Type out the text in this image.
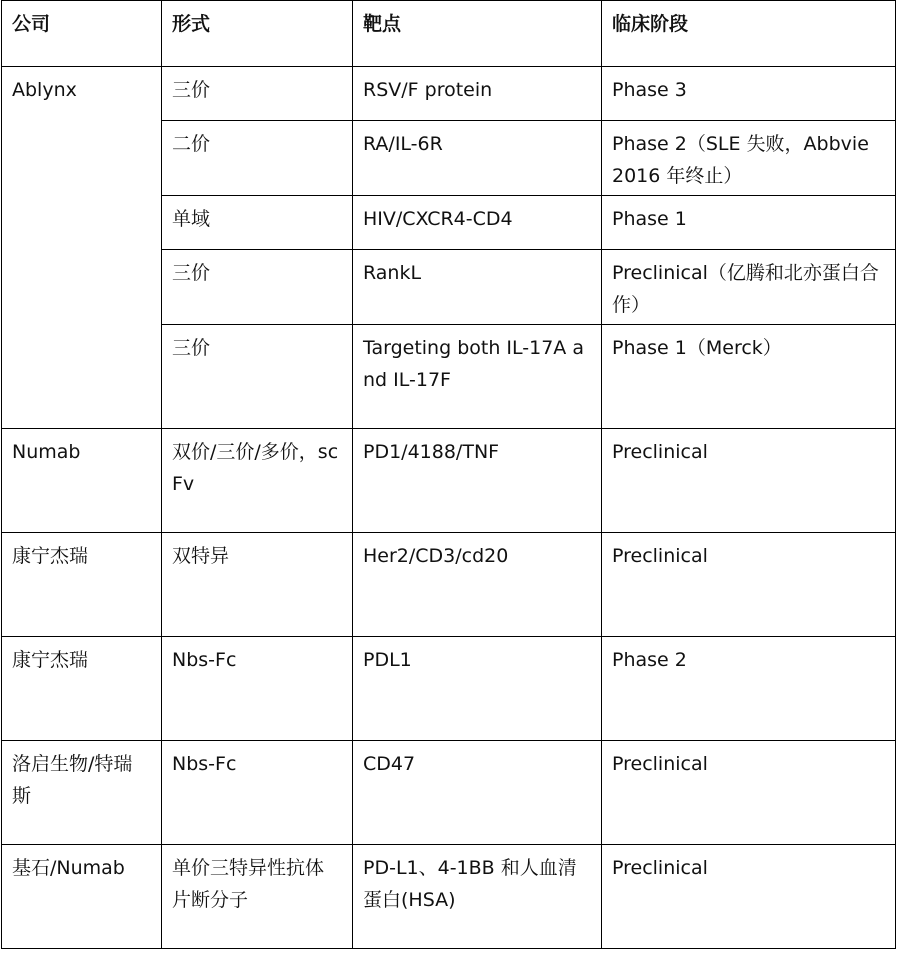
公司	形式	靶点	临床阶段
Ablynx	三价	RSV/F protein	Phase 3
	二价	RA/IL-6R	Phase 2（SLE 失败，Abbvie 2016 年终止）
	单域	HIV/CXCR4-CD4	Phase 1
	三价	RankL	Preclinical（亿腾和北亦蛋白合作）
	三价	Targeting both IL-17A and IL-17F	Phase 1（Merck）
Numab	双价/三价/多价，scFv	PD1/4188/TNF	Preclinical
康宁杰瑞	双特异	Her2/CD3/cd20	Preclinical
康宁杰瑞	Nbs-Fc	PDL1	Phase 2
洛启生物/特瑞斯	Nbs-Fc	CD47	Preclinical
基石/Numab	单价三特异性抗体片断分子	PD-L1、4-1BB 和人血清蛋白(HSA)	Preclinical
